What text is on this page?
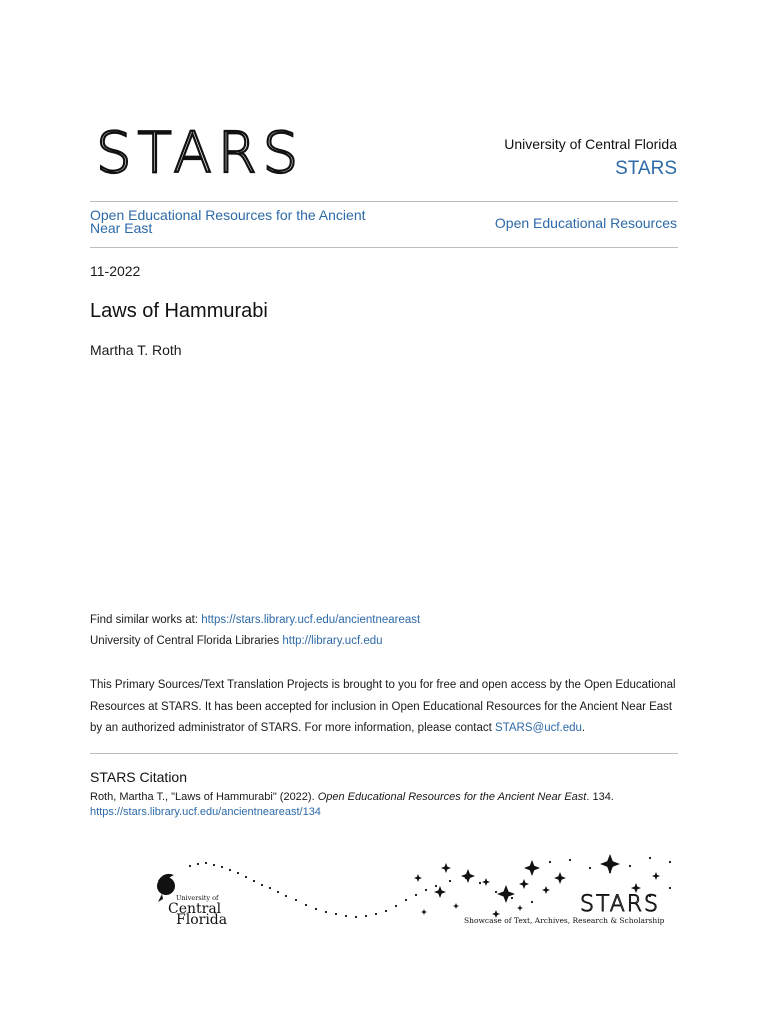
STARS	University of Central Florida
STARS
Open Educational Resources for the Ancient Near East	Open Educational Resources
11-2022
Laws of Hammurabi
Martha T. Roth
Find similar works at: https://stars.library.ucf.edu/ancientneareast
University of Central Florida Libraries http://library.ucf.edu
This Primary Sources/Text Translation Projects is brought to you for free and open access by the Open Educational Resources at STARS. It has been accepted for inclusion in Open Educational Resources for the Ancient Near East by an authorized administrator of STARS. For more information, please contact STARS@ucf.edu.
STARS Citation
Roth, Martha T., "Laws of Hammurabi" (2022). Open Educational Resources for the Ancient Near East. 134.
https://stars.library.ucf.edu/ancientneareast/134
University of
Central
Florida
STARS
Showcase of Text, Archives, Research & Scholarship
